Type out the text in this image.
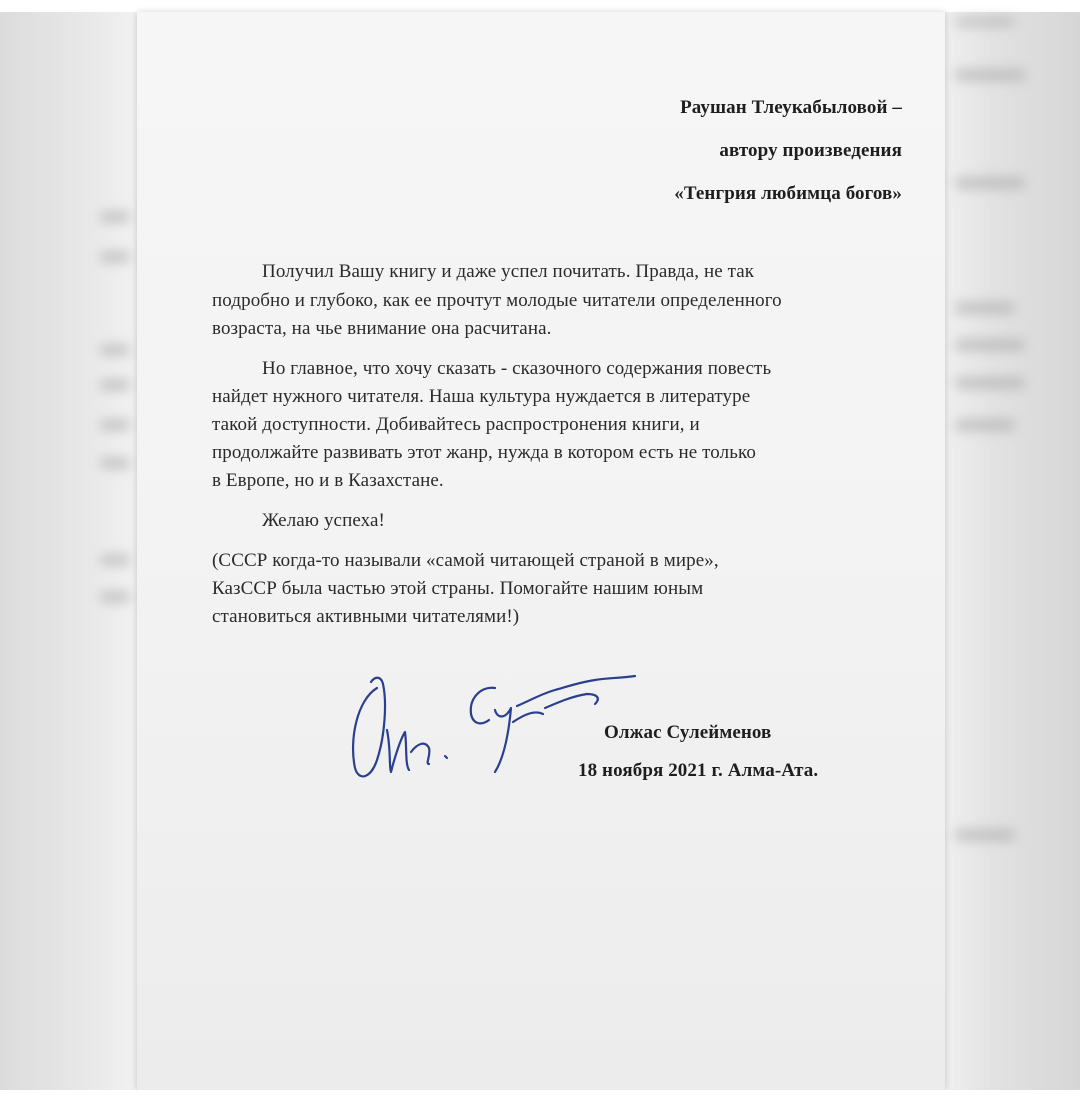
Раушан Тлеукабыловой –
автору произведения
«Тенгрия любимца богов»
Получил Вашу книгу и даже успел почитать. Правда, не так
подробно и глубоко, как ее прочтут молодые читатели определенного
возраста, на чье внимание она расчитана.
Но главное, что хочу сказать - сказочного содержания повесть
найдет нужного читателя. Наша культура нуждается в литературе
такой доступности. Добивайтесь распростронения книги, и
продолжайте развивать этот жанр, нужда в котором есть не только
в Европе, но и в Казахстане.
Желаю успеха!
(СССР когда-то называли «самой читающей страной в мире»,
КазССР была частью этой страны. Помогайте нашим юным
становиться активными читателями!)
Олжас Сулейменов
18 ноября 2021 г. Алма-Ата.
